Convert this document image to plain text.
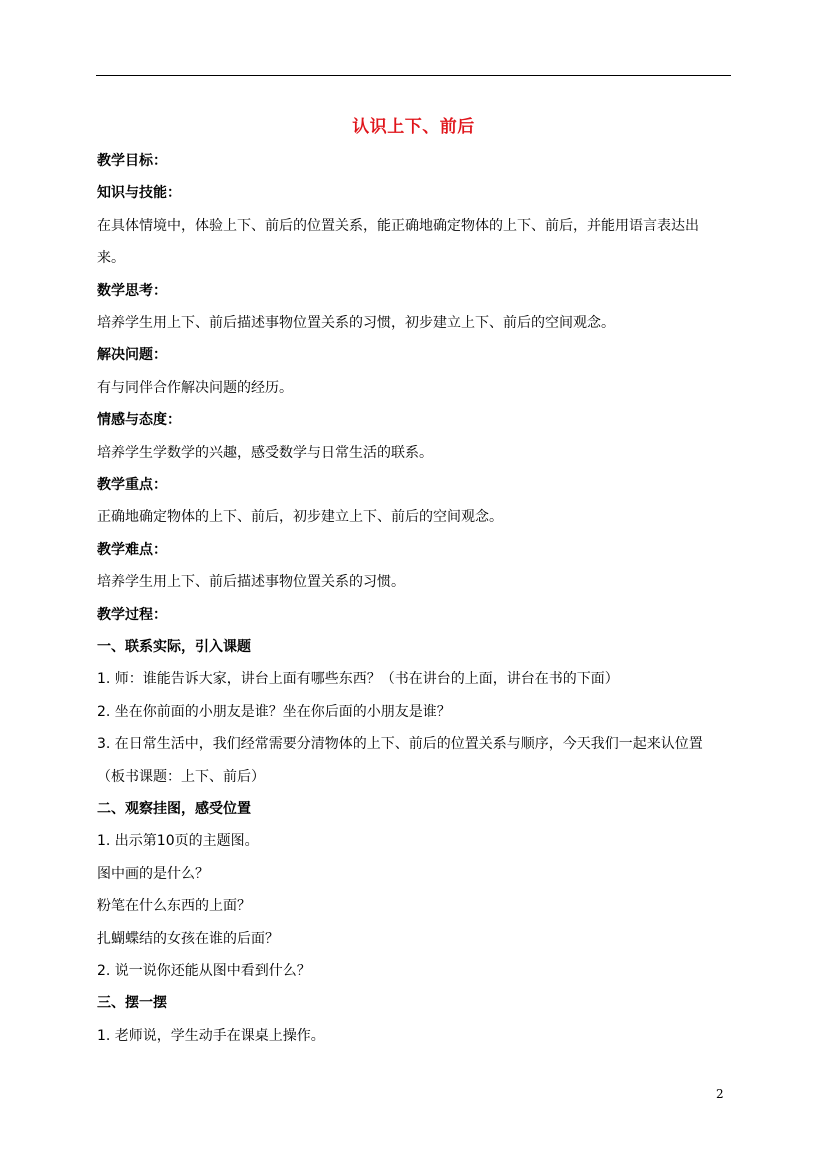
认识上下、前后
教学目标：
知识与技能：
在具体情境中，体验上下、前后的位置关系，能正确地确定物体的上下、前后，并能用语言表达出
来。
数学思考：
培养学生用上下、前后描述事物位置关系的习惯，初步建立上下、前后的空间观念。
解决问题：
有与同伴合作解决问题的经历。
情感与态度：
培养学生学数学的兴趣，感受数学与日常生活的联系。
教学重点：
正确地确定物体的上下、前后，初步建立上下、前后的空间观念。
教学难点：
培养学生用上下、前后描述事物位置关系的习惯。
教学过程：
一、联系实际，引入课题
1. 师：谁能告诉大家，讲台上面有哪些东西？（书在讲台的上面，讲台在书的下面）
2. 坐在你前面的小朋友是谁？坐在你后面的小朋友是谁？
3. 在日常生活中，我们经常需要分清物体的上下、前后的位置关系与顺序，今天我们一起来认位置
（板书课题：上下、前后）
二、观察挂图，感受位置
1. 出示第10页的主题图。
图中画的是什么？
粉笔在什么东西的上面？
扎蝴蝶结的女孩在谁的后面？
2. 说一说你还能从图中看到什么？
三、摆一摆
1. 老师说，学生动手在课桌上操作。
2
